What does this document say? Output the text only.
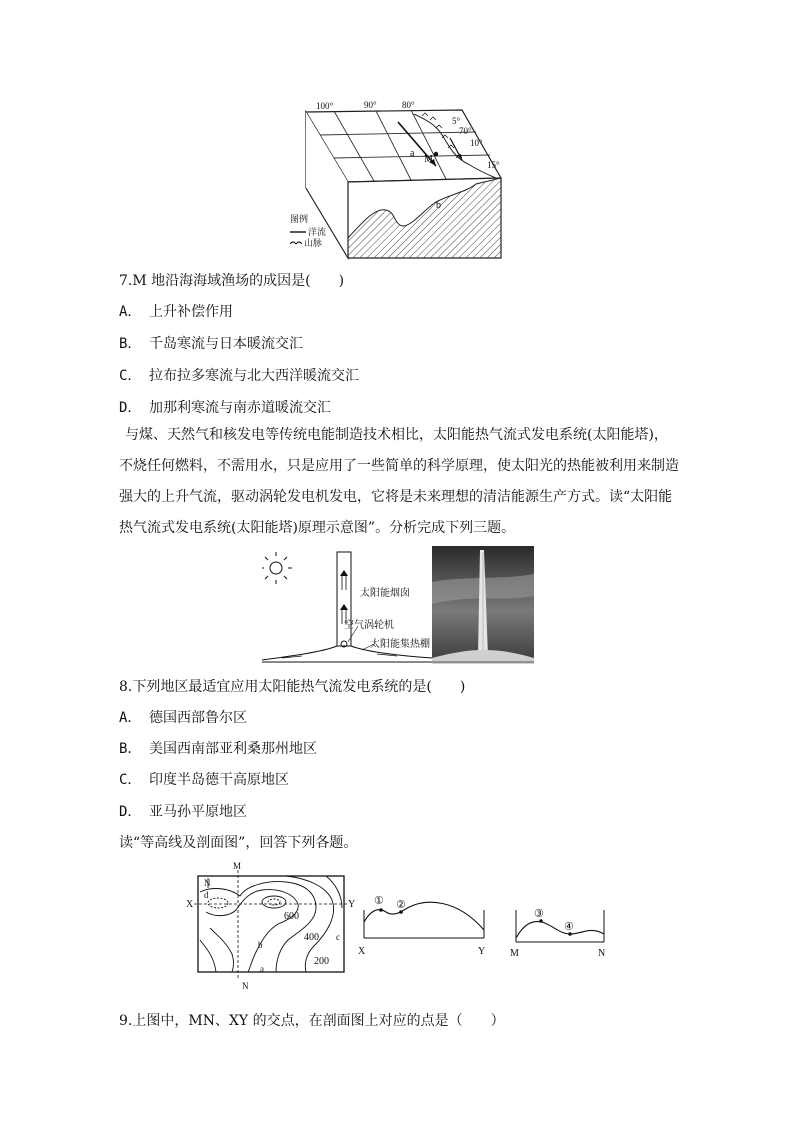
100°	90°	80°
5°
70°
10°
15°
a
M
b
图例
洋流
山脉
7.M 地沿海海域渔场的成因是(　　)
A． 上升补偿作用
B． 千岛寒流与日本暖流交汇
C． 拉布拉多寒流与北大西洋暖流交汇
D． 加那利寒流与南赤道暖流交汇
与煤、天然气和核发电等传统电能制造技术相比，太阳能热气流式发电系统(太阳能塔)，
不烧任何燃料，不需用水，只是应用了一些简单的科学原理，使太阳光的热能被利用来制造
强大的上升气流，驱动涡轮发电机发电，它将是未来理想的清洁能源生产方式。读“太阳能
热气流式发电系统(太阳能塔)原理示意图”。分析完成下列三题。
太阳能烟囱
空气涡轮机
太阳能集热棚
8.下列地区最适宜应用太阳能热气流发电系统的是(　　)
A． 德国西部鲁尔区
B． 美国西南部亚利桑那州地区
C． 印度半岛德干高原地区
D． 亚马孙平原地区
读“等高线及剖面图”，回答下列各题。
M
N
d
X	Y
600
400 c
b
200
a
N
① ②
X	Y
③
④
M	N
9.上图中，MN、XY 的交点，在剖面图上对应的点是（　　）
